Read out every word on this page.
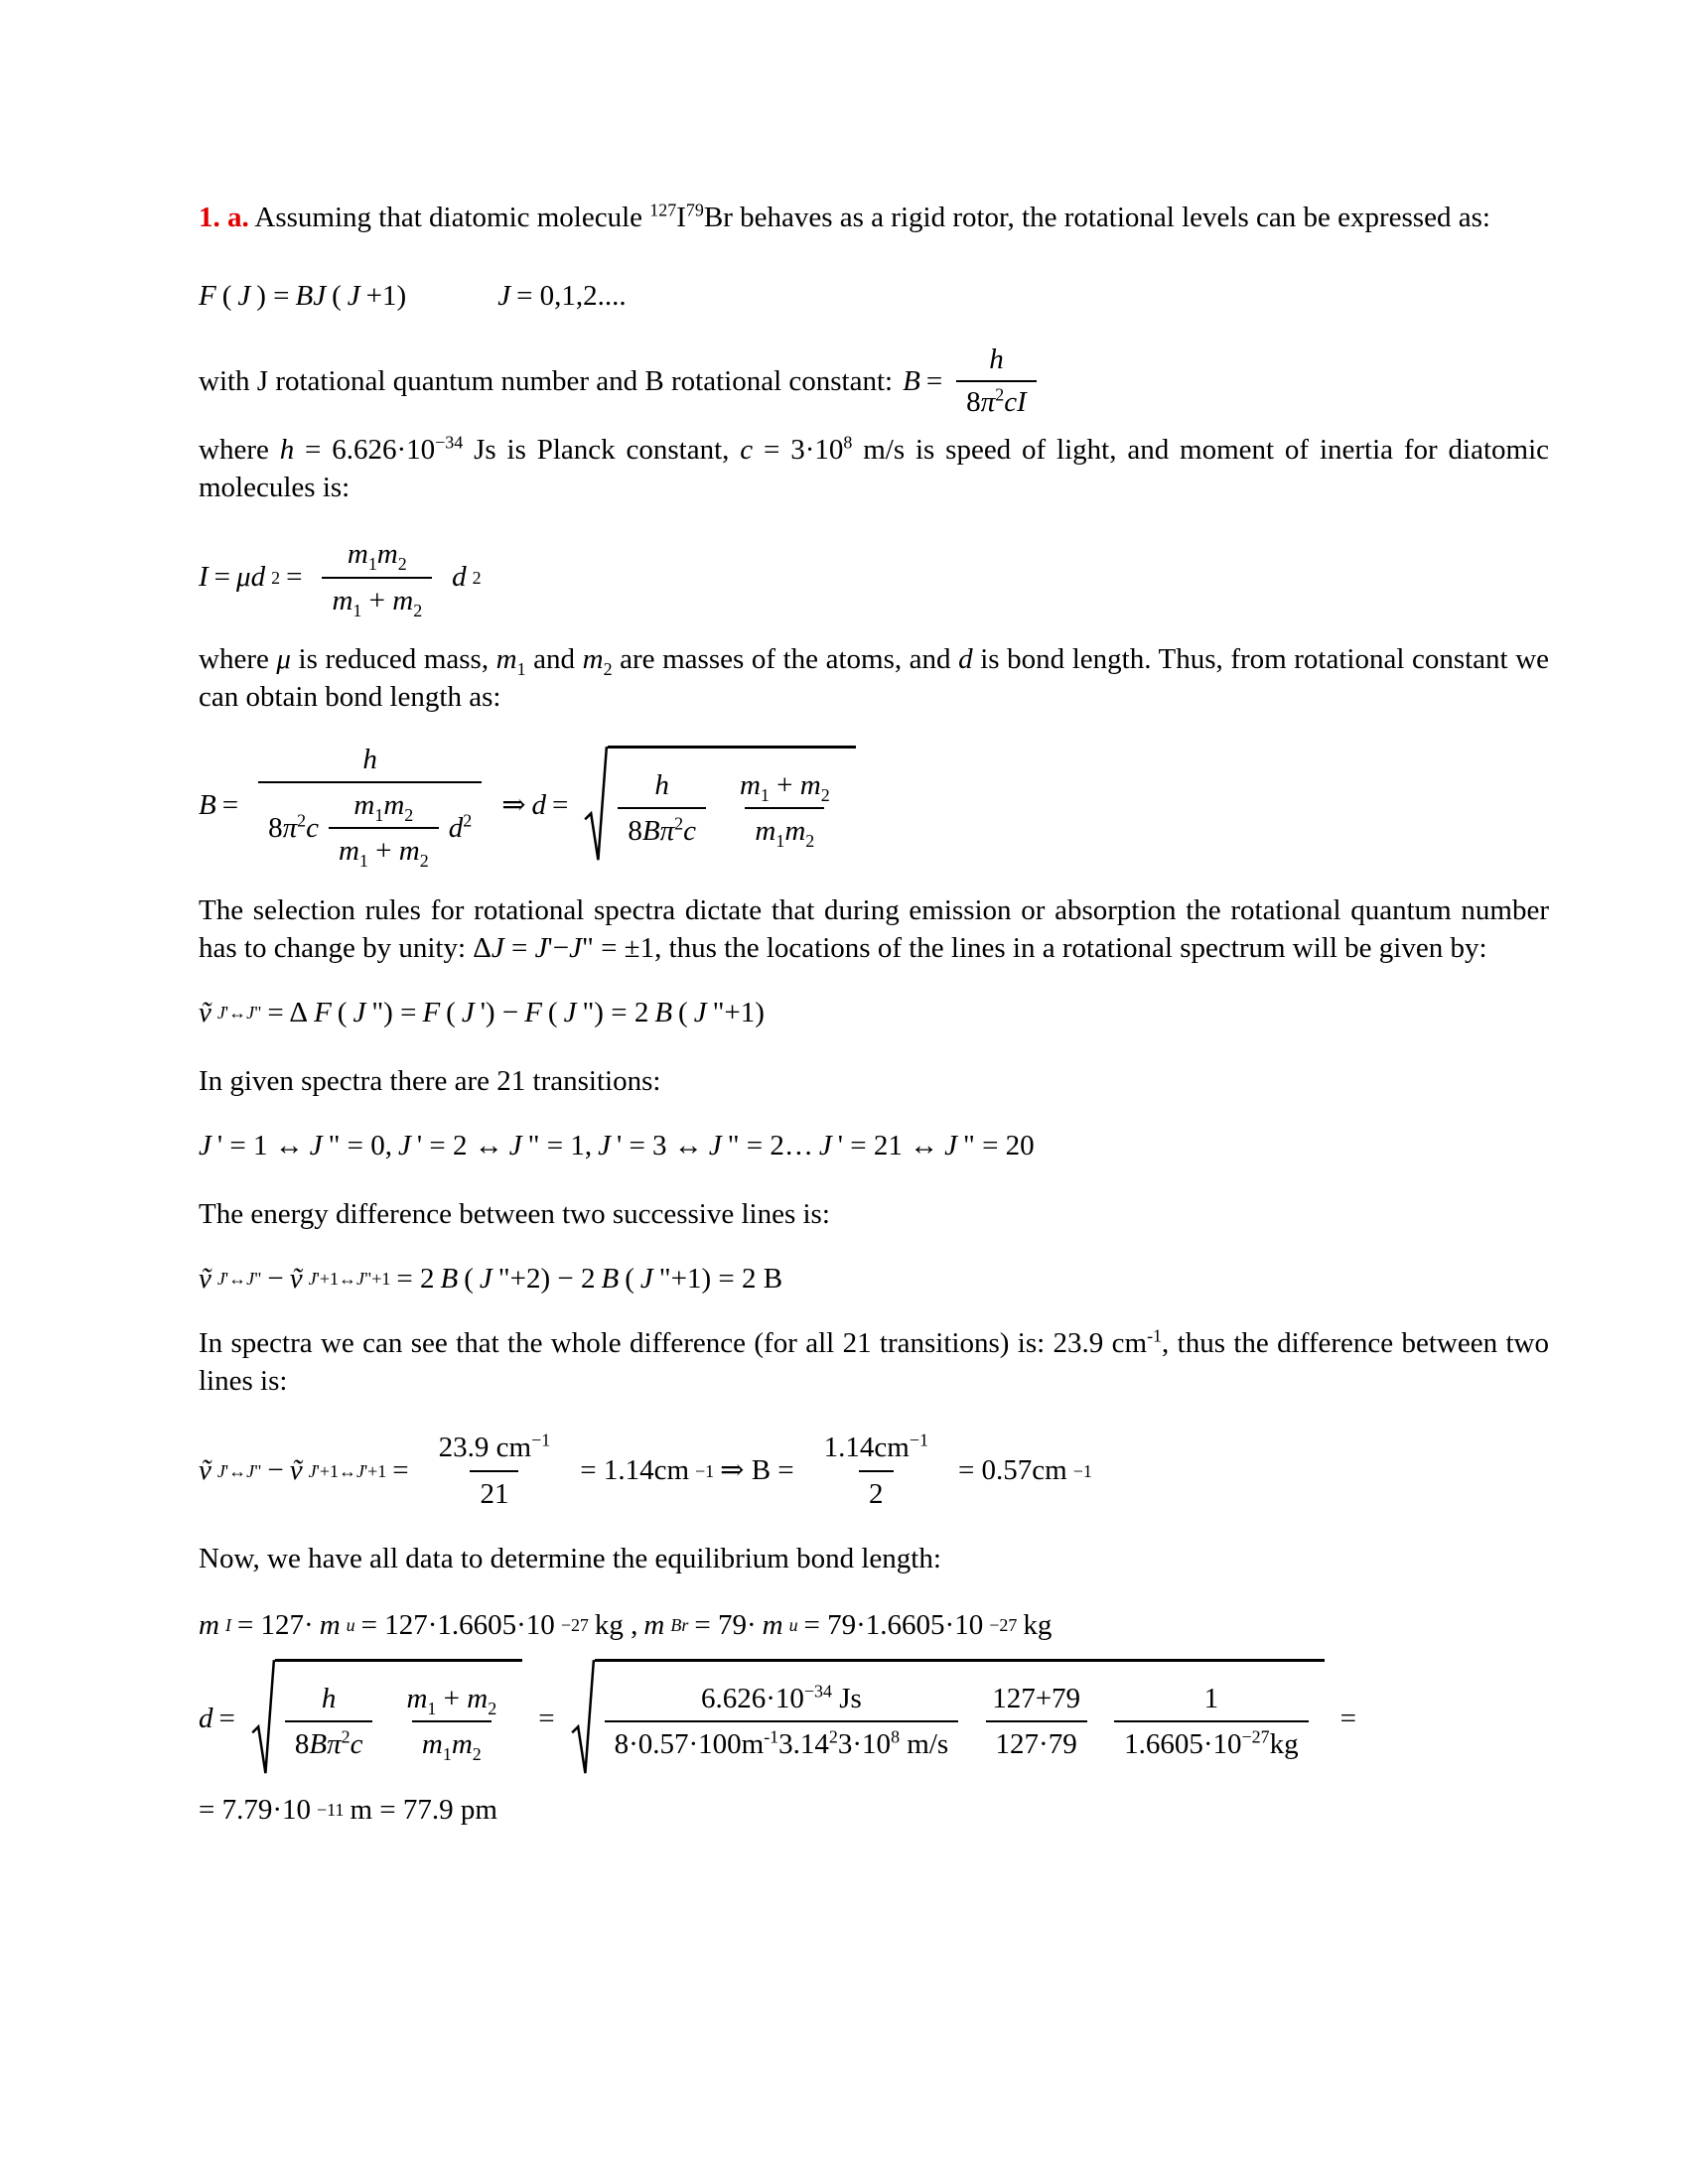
1. a. Assuming that diatomic molecule $^{127}I^{79}Br$ behaves as a rigid rotor, the rotational levels can be expressed as:

F ( J ) = BJ ( J +1)	J = 0,1,2....
with J rotational quantum number and B rotational constant: $B = \frac{h}{8\pi^2cI}$

where $h = 6.626\cdot 10^{-34}$ Js is Planck constant, $c = 3\cdot 10^8$ m/s is speed of light, and moment of inertia for diatomic molecules is:

I = μd $2 = \frac{m_1m_2}{m_1 + m_2}$ d 2

where μ is reduced mass, $m_1$ and $m_2$ are masses of the atoms, and d is bond length. Thus, from rotational constant we can obtain bond length as:

B =
h
$8\pi^2c \frac{m_1m_2}{m_1 + m_2} d^2$ ⇒ $d = \frac{h}{8B\pi^2c} \frac{m_1 + m_2}{m_1m_2}$

The selection rules for rotational spectra dictate that during emission or absorption the rotational quantum number has to change by unity: ΔJ = J'−J" = ±1, thus the locations of the lines in a rotational spectrum will be given by:

ṽ J'↔J" = Δ F ( J ") = F ( J ') − F ( J ") = 2 B ( J "+1)

In given spectra there are 21 transitions:

J ' = 1 ↔ J " = 0, J ' = 2 ↔ J " = 1, J ' = 3 ↔ J " = 2… J ' = 21 ↔ J " = 20

The energy difference between two successive lines is:

ṽ J'↔J" − ṽ J'+1↔J"+1 = 2 B ( J "+2) − 2 B ( J "+1) = 2 B

In spectra we can see that the whole difference (for all 21 transitions) is: 23.9 $cm^{-1}$, thus the difference between two lines is:

ṽ J'↔J" − ṽ J'+1↔J'+1 = $\frac{23.9 cm^{-1}}{21} = 1.14cm -1$ ⇒ $B = \frac{1.14cm^{-1}}{2} = 0.57cm -1$

Now, we have all data to determine the equilibrium bond length:

m I = 127· m u = 127·1.6605·10 −27 kg , m Br = 79· m u = 79·1.6605·10 −27 kg
$d = \frac{h}{8B\pi^2c} \frac{m_1 + m_2}{m_1m_2} = \frac{6.626\cdot 10^{-34} Js}{8\cdot 0.57\cdot 100m^{-1}3.14^23\cdot 10^8 m/s} \frac{127+79}{127\cdot 79} \frac{1}{1.6605\cdot 10^{-27}kg}$ =
= 7.79·10 −11 m = 77.9 pm
